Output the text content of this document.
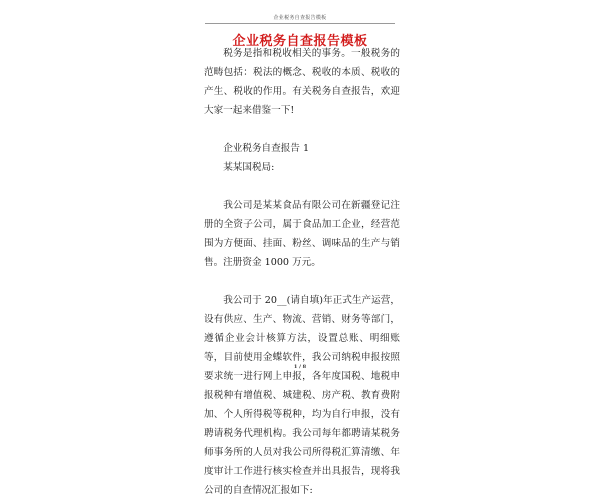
企业税务自查报告模板
企业税务自查报告模板

税务是指和税收相关的事务。一般税务的范畴包括：税法的概念、税收的本质、税收的产生、税收的作用。有关税务自查报告，欢迎大家一起来借鉴一下!

企业税务自查报告 1

某某国税局:

我公司是某某食品有限公司在新疆登记注册的全资子公司，属于食品加工企业，经营范围为方便面、挂面、粉丝、调味品的生产与销售。注册资金 1000 万元。

我公司于 20__(请自填)年正式生产运营，设有供应、生产、物流、营销、财务等部门，遵循企业会计核算方法，设置总账、明细账等，目前使用金蝶软件，我公司纳税申报按照要求统一进行网上申报，各年度国税、地税申报税种有增值税、城建税、房产税、教育费附加、个人所得税等税种，均为自行申报，没有聘请税务代理机构。我公司每年都聘请某税务师事务所的人员对我公司所得税汇算清缴、年度审计工作进行核实检查并出具报告，现将我公司的自查情况汇报如下:

1 / 8
